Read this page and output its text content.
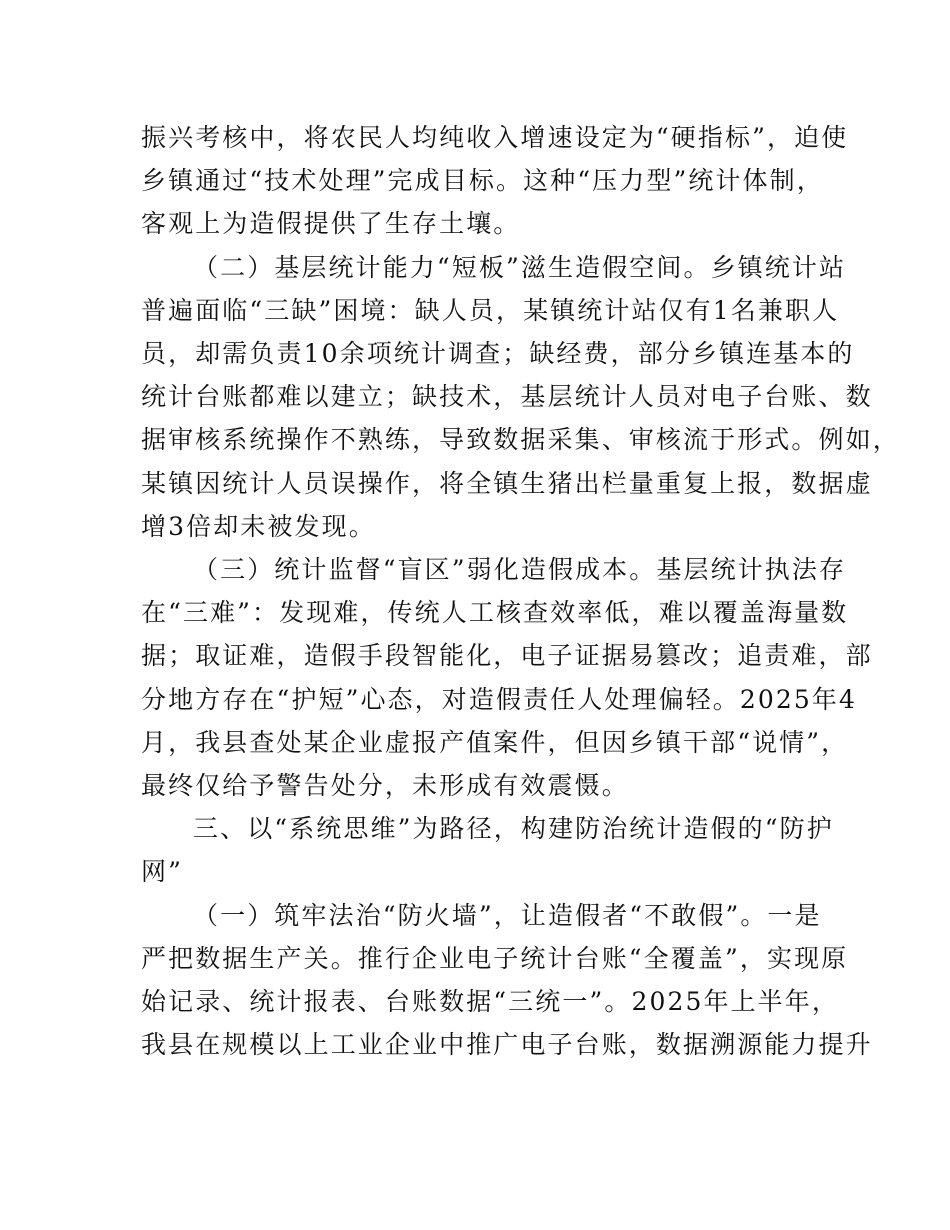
振兴考核中，将农民人均纯收入增速设定为“硬指标”，迫使
乡镇通过“技术处理”完成目标。这种“压力型”统计体制，
客观上为造假提供了生存土壤。

（二）基层统计能力“短板”滋生造假空间。乡镇统计站
普遍面临“三缺”困境：缺人员，某镇统计站仅有1名兼职人
员，却需负责10余项统计调查；缺经费，部分乡镇连基本的
统计台账都难以建立；缺技术，基层统计人员对电子台账、数
据审核系统操作不熟练，导致数据采集、审核流于形式。例如，
某镇因统计人员误操作，将全镇生猪出栏量重复上报，数据虚
增3倍却未被发现。

（三）统计监督“盲区”弱化造假成本。基层统计执法存
在“三难”：发现难，传统人工核查效率低，难以覆盖海量数
据；取证难，造假手段智能化，电子证据易篡改；追责难，部
分地方存在“护短”心态，对造假责任人处理偏轻。2025年4
月，我县查处某企业虚报产值案件，但因乡镇干部“说情”，
最终仅给予警告处分，未形成有效震慑。

三、以“系统思维”为路径，构建防治统计造假的“防护
网”

（一）筑牢法治“防火墙”，让造假者“不敢假”。一是
严把数据生产关。推行企业电子统计台账“全覆盖”，实现原
始记录、统计报表、台账数据“三统一”。2025年上半年，
我县在规模以上工业企业中推广电子台账，数据溯源能力提升
